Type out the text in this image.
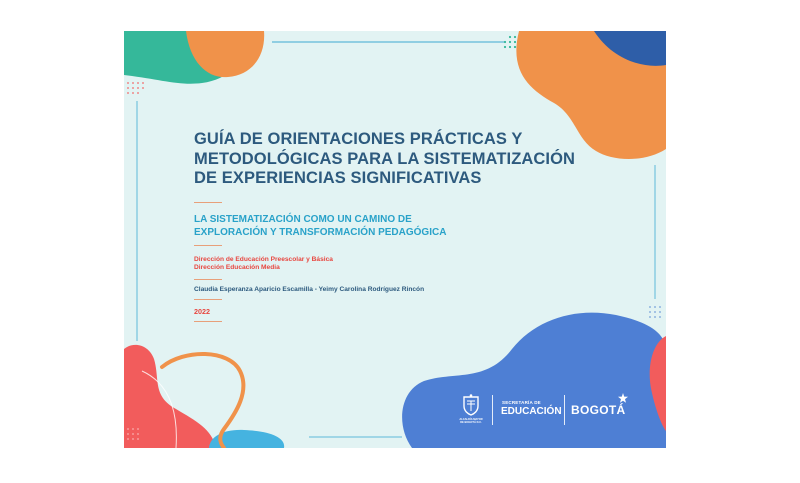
GUÍA DE ORIENTACIONES PRÁCTICAS Y
METODOLÓGICAS PARA LA SISTEMATIZACIÓN
DE EXPERIENCIAS SIGNIFICATIVAS
LA SISTEMATIZACIÓN COMO UN CAMINO DE
EXPLORACIÓN Y TRANSFORMACIÓN PEDAGÓGICA
Dirección de Educación Preescolar y Básica
Dirección Educación Media
Claudia Esperanza Aparicio Escamilla - Yeimy Carolina Rodríguez Rincón
2022
ALCALDÍA MAYOR
DE BOGOTÁ D.C.
SECRETARÍA DE
EDUCACIÓN BOGOTÁ
